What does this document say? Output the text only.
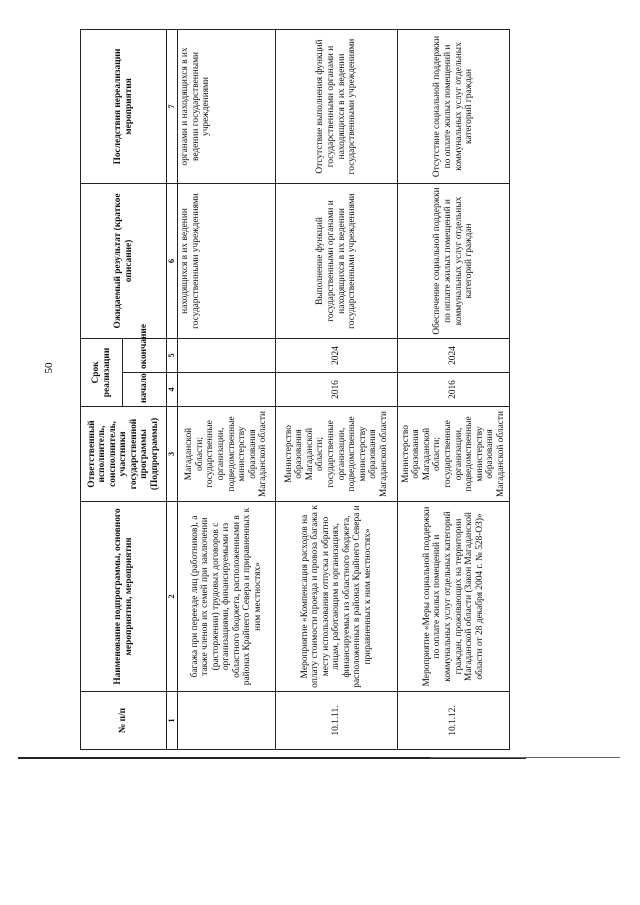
50
№ п/п	Наименование подпрограммы, основного мероприятия, мероприятия	Ответственный исполнитель, соисполнитель, участники государственной программы (Подпрограммы)	Срок реализации		Ожидаемый результат (краткое описание)	Последствия нереализации мероприятия
			начало	окончание		
1	2	3	4	5	6	7
	багажа при переезде лиц (работников), а также членов их семей при заключении (расторжении) трудовых договоров с организациями, финансируемыми из областного бюджета, расположенными в районах Крайнего Севера и приравненных к ним местностях»	Магаданской области; государственные организации, подведомственные министерству образования Магаданской области			находящихся в их ведении государственными учреждениями	органами и находящихся в их ведении государственными учреждениями
10.1.11.	Мероприятие «Компенсация расходов на оплату стоимости проезда и провоза багажа к месту использования отпуска и обратно лицам, работающим в организациях, финансируемых из областного бюджета, расположенных в районах Крайнего Севера и приравненных к ним местностях»	Министерство образования Магаданской области; государственные организации, подведомственные министерству образования Магаданской области	2016	2024	Выполнение функций государственными органами и находящихся в их ведении государственными учреждениями	Отсутствие выполнения функций государственными органами и находящихся в их ведении государственными учреждениями
10.1.12.	Мероприятие «Меры социальной поддержки по оплате жилых помещений и коммунальных услуг отдельных категорий граждан, проживающих на территории Магаданской области (Закон Магаданской области от 28 декабря 2004 г. № 528-ОЗ)»	Министерство образования Магаданской области; государственные организации, подведомственные министерству образования Магаданской области	2016	2024	Обеспечение социальной поддержки по оплате жилых помещений и коммунальных услуг отдельных категорий граждан	Отсутствие социальной поддержки по оплате жилых помещений и коммунальных услуг отдельных категорий граждан
